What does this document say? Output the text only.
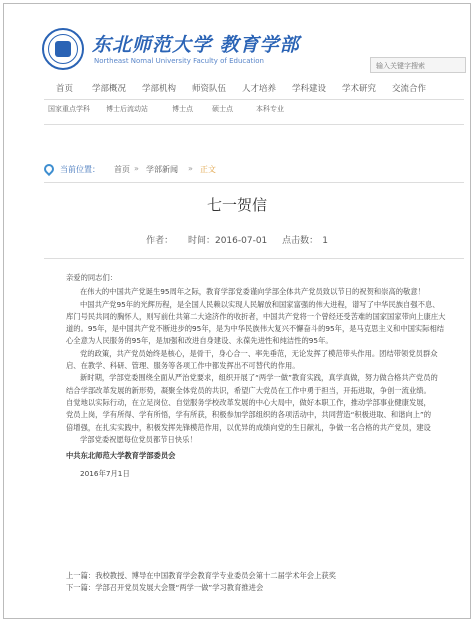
东北师范大学 教育学部
Northeast Nomal University Faculty of Education
输入关键字搜索
首页 学部概况 学部机构 师资队伍 人才培养 学科建设 学术研究 交流合作
国家重点学科 博士后流动站	博士点	硕士点	本科专业
当前位置： 首页 » 学部新闻 » 正文
七一贺信
作者： 时间：2016-07-01 点击数： 1

亲爱的同志们：

在伟大的中国共产党诞生95周年之际，教育学部党委谨向学部全体共产党员致以节日的祝贺和崇高的敬意！

中国共产党95年的光辉历程，是全国人民赖以实现人民解放和国家富强的伟大进程，谱写了中华民族自强不息、

库门号民共同的胸怀人，则写前仕共第二大途济作的收折者，中国共产党将一个曾经还受苦难的国家国家带向上康庄大

道的。95年，是中国共产党不断进步的95年，是为中华民族伟大复兴不懈奋斗的95年，是马克思主义和中国实际相结

心全意为人民服务的95年，是加强和改进自身建设、永葆先进性和纯洁性的95年。

党的政策，共产党员始终是核心，是骨干，身心合一、率先垂范，无论发挥了模范带头作用。团结带领党员群众

启、在教学、科研、管理、服务等各项工作中都发挥出不可替代的作用。

新时期，学部党委围绕全面从严治党要求，组织开展了“两学一做”教育实践，真学真做，努力做合格共产党员的

结合学部改革发展的新形势，凝聚全体党员的共识，希望广大党员在工作中勇于担当，开拓进取，争创一流业绩。

自觉地以实际行动，在立足岗位、自觉服务学校改革发展的中心大局中，做好本职工作，推动学部事业健康发展，

党员上岗，学有所得、学有所悟，学有所获，积极参加学部组织的各项活动中，共同营造“积极进取、和谐向上”的

倍增强，在扎实实践中，积极发挥先锋模范作用，以优异的成绩向党的生日献礼，争做一名合格的共产党员，建设

学部党委祝愿每位党员都节日快乐！

中共东北师范大学教育学部委员会

2016年7月1日

上一篇：我校教授、博导在中国教育学会教育学专业委员会第十二届学术年会上获奖

下一篇：学部召开党员发展大会暨“两学一做”学习教育推进会
